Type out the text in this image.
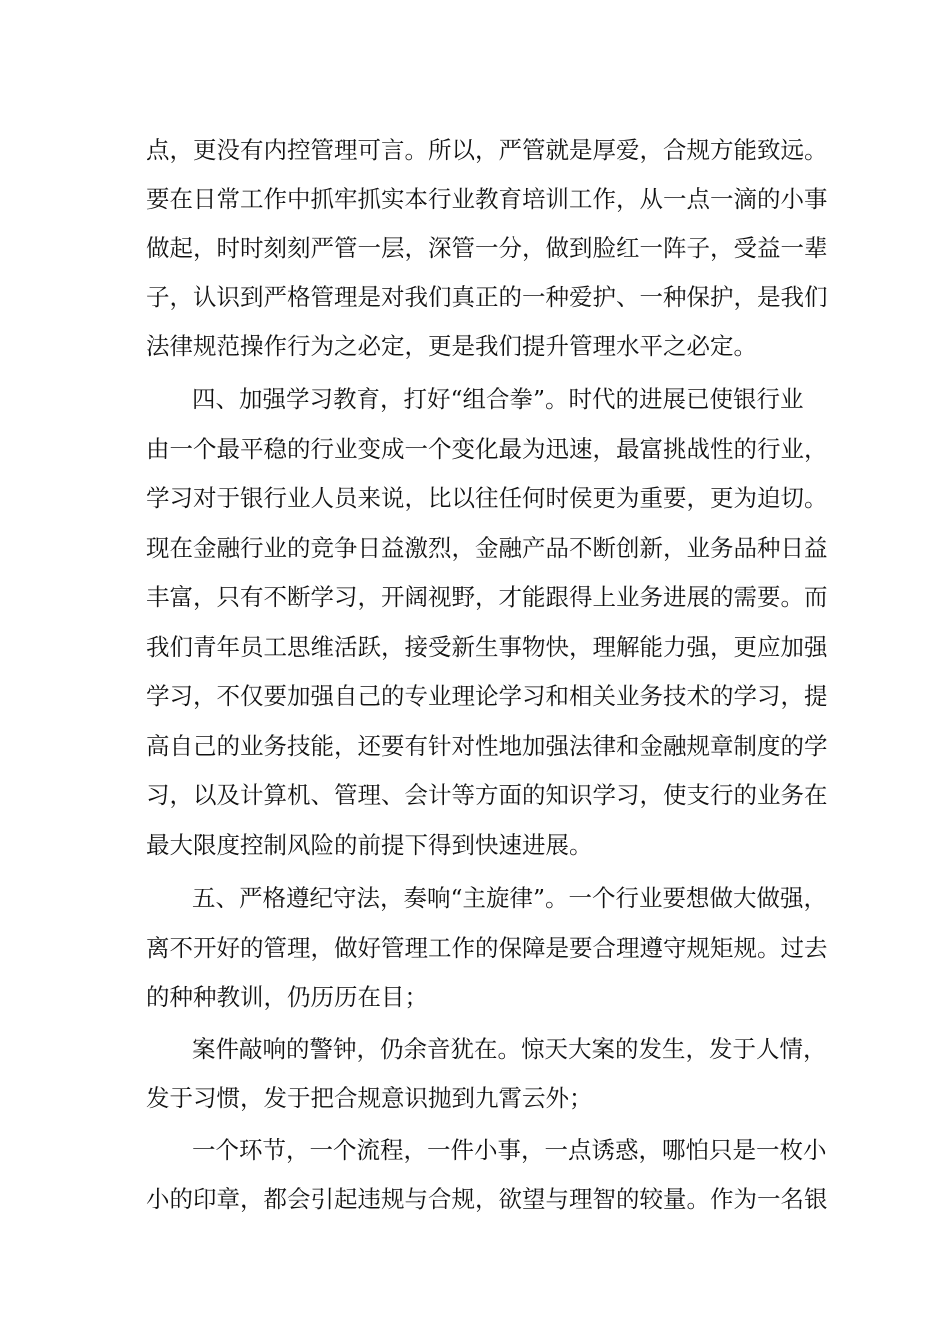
点，更没有内控管理可言。所以，严管就是厚爱，合规方能致远。
要在日常工作中抓牢抓实本行业教育培训工作，从一点一滴的小事
做起，时时刻刻严管一层，深管一分，做到脸红一阵子，受益一辈
子，认识到严格管理是对我们真正的一种爱护、一种保护，是我们
法律规范操作行为之必定，更是我们提升管理水平之必定。
四、加强学习教育，打好“组合拳”。时代的进展已使银行业
由一个最平稳的行业变成一个变化最为迅速，最富挑战性的行业，
学习对于银行业人员来说，比以往任何时侯更为重要，更为迫切。
现在金融行业的竞争日益激烈，金融产品不断创新，业务品种日益
丰富，只有不断学习，开阔视野，才能跟得上业务进展的需要。而
我们青年员工思维活跃，接受新生事物快，理解能力强，更应加强
学习，不仅要加强自己的专业理论学习和相关业务技术的学习，提
高自己的业务技能，还要有针对性地加强法律和金融规章制度的学
习，以及计算机、管理、会计等方面的知识学习，使支行的业务在
最大限度控制风险的前提下得到快速进展。
五、严格遵纪守法，奏响“主旋律”。一个行业要想做大做强，
离不开好的管理，做好管理工作的保障是要合理遵守规矩规。过去
的种种教训，仍历历在目；
案件敲响的警钟，仍余音犹在。惊天大案的发生，发于人情，
发于习惯，发于把合规意识抛到九霄云外；
一个环节，一个流程，一件小事，一点诱惑，哪怕只是一枚小
小的印章，都会引起违规与合规，欲望与理智的较量。作为一名银
